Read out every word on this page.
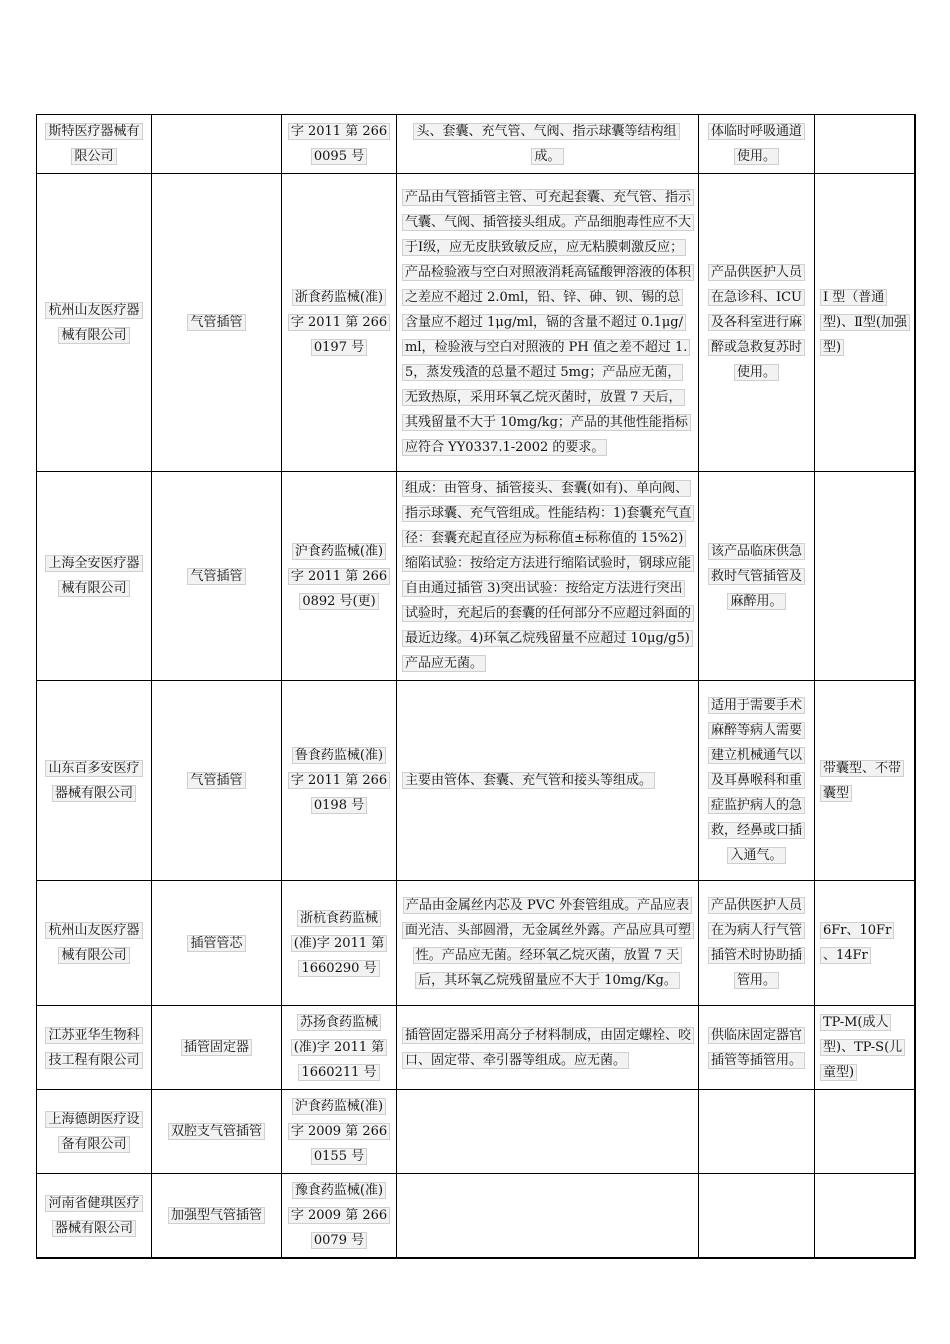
斯特医疗器械有限公司		字 2011 第 2660095 号	头、套囊、充气管、气阀、指示球囊等结构组成。	体临时呼吸通道使用。	
杭州山友医疗器械有限公司	气管插管	浙食药监械(准)字 2011 第 2660197 号	产品由气管插管主管、可充起套囊、充气管、指示气囊、气阀、插管接头组成。产品细胞毒性应不大于Ⅰ级，应无皮肤致敏反应，应无粘膜刺激反应；产品检验液与空白对照液消耗高锰酸钾溶液的体积之差应不超过 2.0ml，铅、锌、砷、钡、锡的总含量应不超过 1μg/ml，镉的含量不超过 0.1μg/ml，检验液与空白对照液的 PH 值之差不超过 1.5，蒸发残渣的总量不超过 5mg；产品应无菌，无致热原，采用环氧乙烷灭菌时，放置 7 天后，其残留量不大于 10mg/kg；产品的其他性能指标应符合 YY0337.1-2002 的要求。	产品供医护人员在急诊科、ICU 及各科室进行麻醉或急救复苏时使用。	Ⅰ 型（普通型)、Ⅱ型(加强型)
上海全安医疗器械有限公司	气管插管	沪食药监械(准)字 2011 第 2660892 号(更)	组成：由管身、插管接头、套囊(如有)、单向阀、指示球囊、充气管组成。性能结构：1)套囊充气直径：套囊充起直径应为标称值±标称值的 15%2)缩陷试验：按给定方法进行缩陷试验时，钢球应能自由通过插管 3)突出试验：按给定方法进行突出试验时，充起后的套囊的任何部分不应超过斜面的最近边缘。4)环氧乙烷残留量不应超过 10μg/g5)产品应无菌。	该产品临床供急救时气管插管及麻醉用。	
山东百多安医疗器械有限公司	气管插管	鲁食药监械(准)字 2011 第 2660198 号	主要由管体、套囊、充气管和接头等组成。	适用于需要手术麻醉等病人需要建立机械通气以及耳鼻喉科和重症监护病人的急救，经鼻或口插入通气。	带囊型、不带囊型
杭州山友医疗器械有限公司	插管管芯	浙杭食药监械(准)字 2011 第 1660290 号	产品由金属丝内芯及 PVC 外套管组成。产品应表面光洁、头部圆滑，无金属丝外露。产品应具可塑性。产品应无菌。经环氧乙烷灭菌，放置 7 天后，其环氧乙烷残留量应不大于 10mg/Kg。	产品供医护人员在为病人行气管插管术时协助插管用。	6Fr、10Fr 、14Fr
江苏亚华生物科技工程有限公司	插管固定器	苏扬食药监械(准)字 2011 第 1660211 号	插管固定器采用高分子材料制成，由固定螺栓、咬口、固定带、牵引器等组成。应无菌。	供临床固定器官插管等插管用。	TP-M(成人型)、TP-S(儿童型)
上海德朗医疗设备有限公司	双腔支气管插管	沪食药监械(准)字 2009 第 2660155 号			
河南省健琪医疗器械有限公司	加强型气管插管	豫食药监械(准)字 2009 第 2660079 号			
